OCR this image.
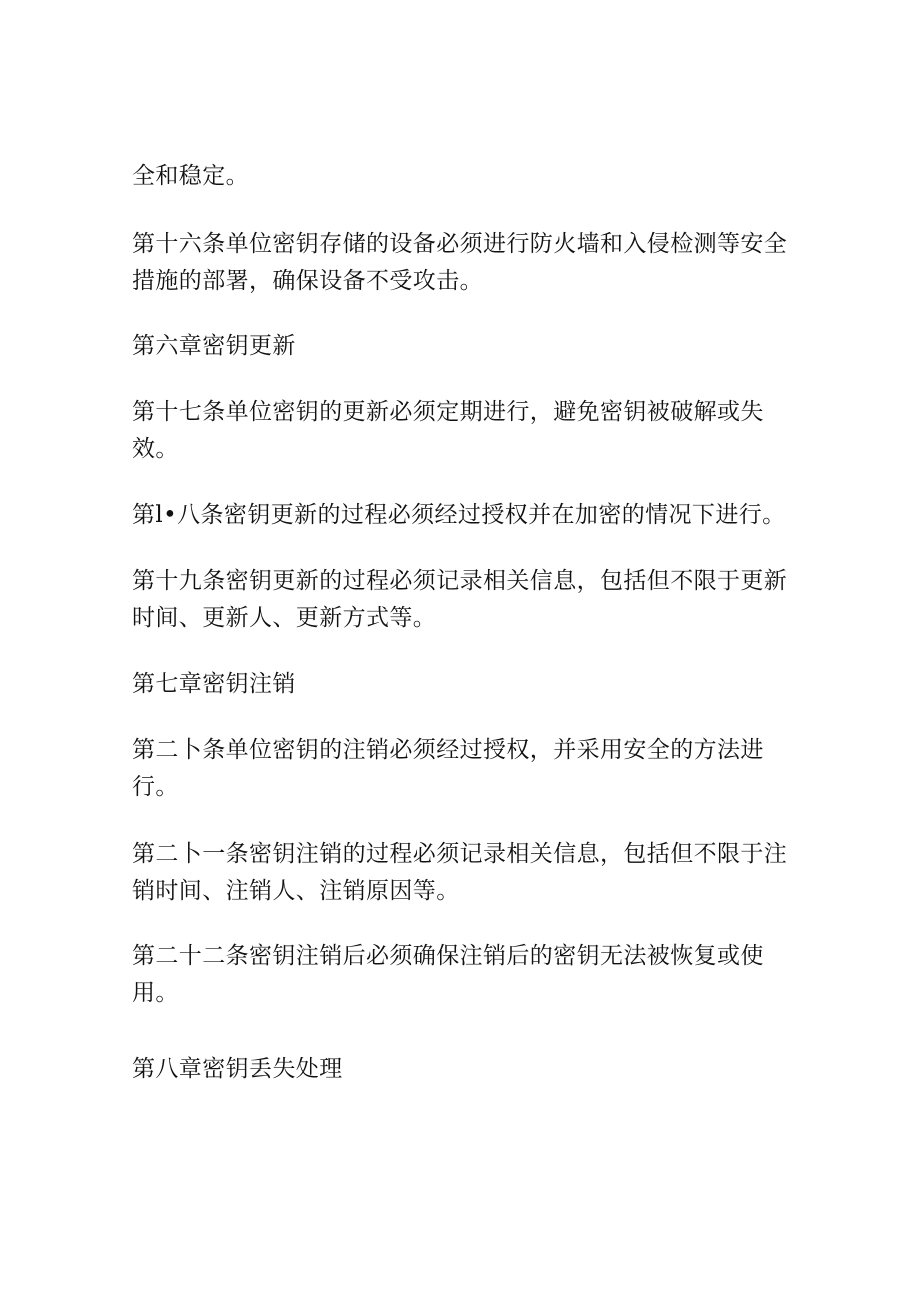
全和稳定。

第十六条单位密钥存储的设备必须进行防火墙和入侵检测等安全措施的部署，确保设备不受攻击。

第六章密钥更新

第十七条单位密钥的更新必须定期进行，避免密钥被破解或失效。

第l•八条密钥更新的过程必须经过授权并在加密的情况下进行。

第十九条密钥更新的过程必须记录相关信息，包括但不限于更新时间、更新人、更新方式等。

第七章密钥注销

第二卜条单位密钥的注销必须经过授权，并采用安全的方法进行。

第二卜一条密钥注销的过程必须记录相关信息，包括但不限于注销时间、注销人、注销原因等。

第二十二条密钥注销后必须确保注销后的密钥无法被恢复或使用。

第八章密钥丢失处理
